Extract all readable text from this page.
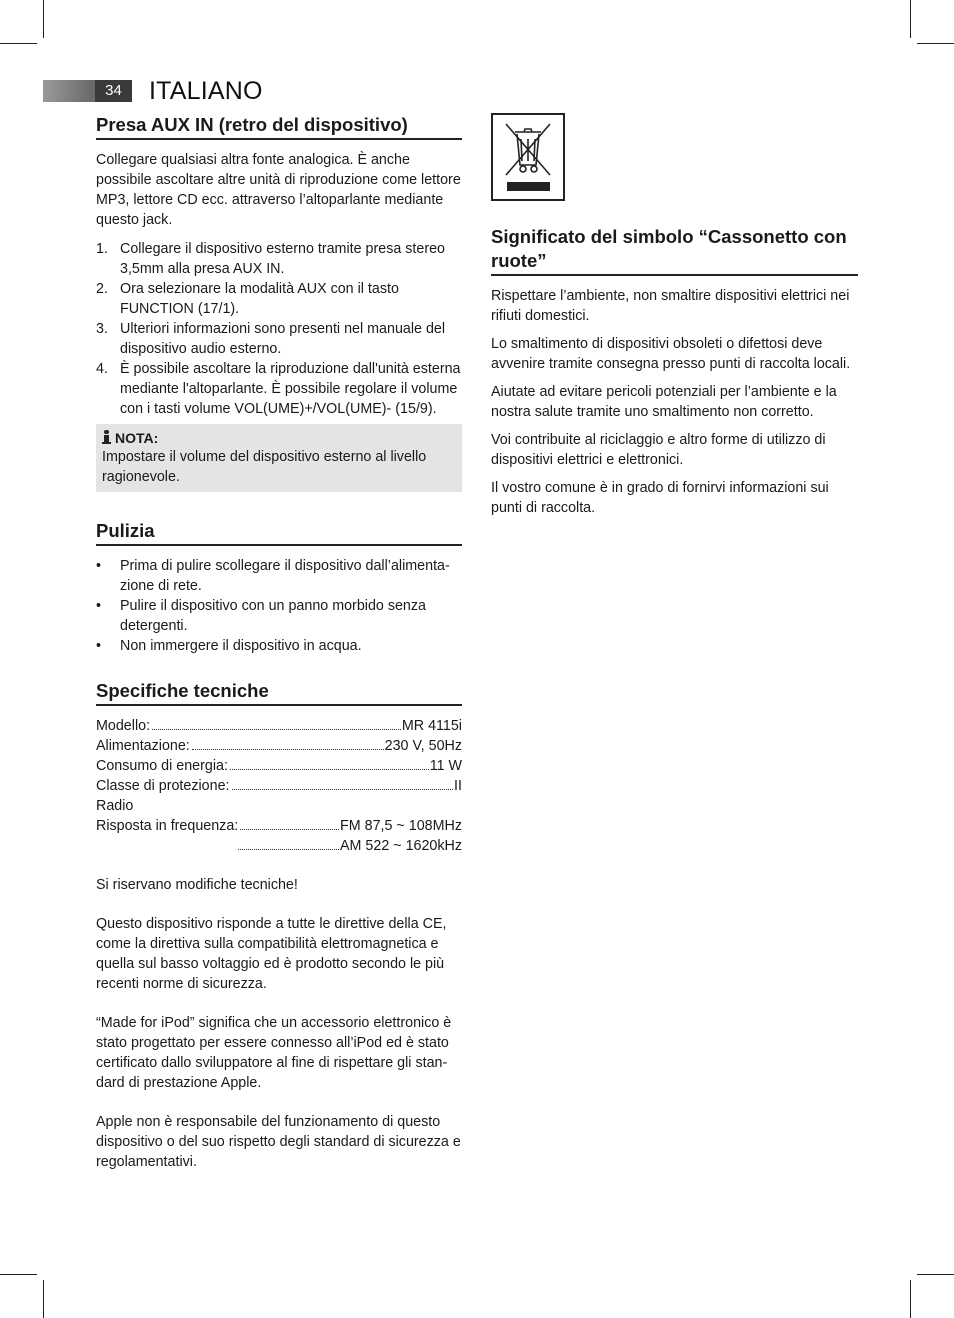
34	ITALIANO
Presa AUX IN (retro del dispositivo)

Collegare qualsiasi altra fonte analogica. È anche possibile ascoltare altre unità di riproduzione come lettore MP3, lettore CD ecc. attraverso l’altoparlante mediante questo jack.

1. Collegare il dispositivo esterno tramite presa stereo 3,5mm alla presa AUX IN.
2. Ora selezionare la modalità AUX con il tasto FUNCTION (17/1).
3. Ulteriori informazioni sono presenti nel manuale del dispositivo audio esterno.
4. È possibile ascoltare la riproduzione dall'unità esterna mediante l'altoparlante. È possibile regolare il volume con i tasti volume VOL(UME)+/VOL(UME)- (15/9).
NOTA:

Impostare il volume del dispositivo esterno al livello ragionevole.

Pulizia
• Prima di pulire scollegare il dispositivo dall’alimenta-zione di rete.
• Pulire il dispositivo con un panno morbido senza detergenti.
• Non immergere il dispositivo in acqua.
Specifiche tecniche
Modello:	MR 4115i
Alimentazione:	230 V, 50Hz
Consumo di energia:	11 W
Classe di protezione:	II

Radio

Risposta in frequenza:	FM 87,5 ~ 108MHz
AM 522 ~ 1620kHz

Si riservano modifiche tecniche!

Questo dispositivo risponde a tutte le direttive della CE, come la direttiva sulla compatibilità elettromagnetica e quella sul basso voltaggio ed è prodotto secondo le più recenti norme di sicurezza.

“Made for iPod” significa che un accessorio elettronico è stato progettato per essere connesso all’iPod ed è stato certificato dallo sviluppatore al fine di rispettare gli stan-dard di prestazione Apple.

Apple non è responsabile del funzionamento di questo dispositivo o del suo rispetto degli standard di sicurezza e regolamentativi.

Significato del simbolo “Cassonetto con ruote”

Rispettare l’ambiente, non smaltire dispositivi elettrici nei rifiuti domestici.

Lo smaltimento di dispositivi obsoleti o difettosi deve avvenire tramite consegna presso punti di raccolta locali.

Aiutate ad evitare pericoli potenziali per l’ambiente e la nostra salute tramite uno smaltimento non corretto.

Voi contribuite al riciclaggio e altro forme di utilizzo di dispositivi elettrici e elettronici.

Il vostro comune è in grado di fornirvi informazioni sui punti di raccolta.
